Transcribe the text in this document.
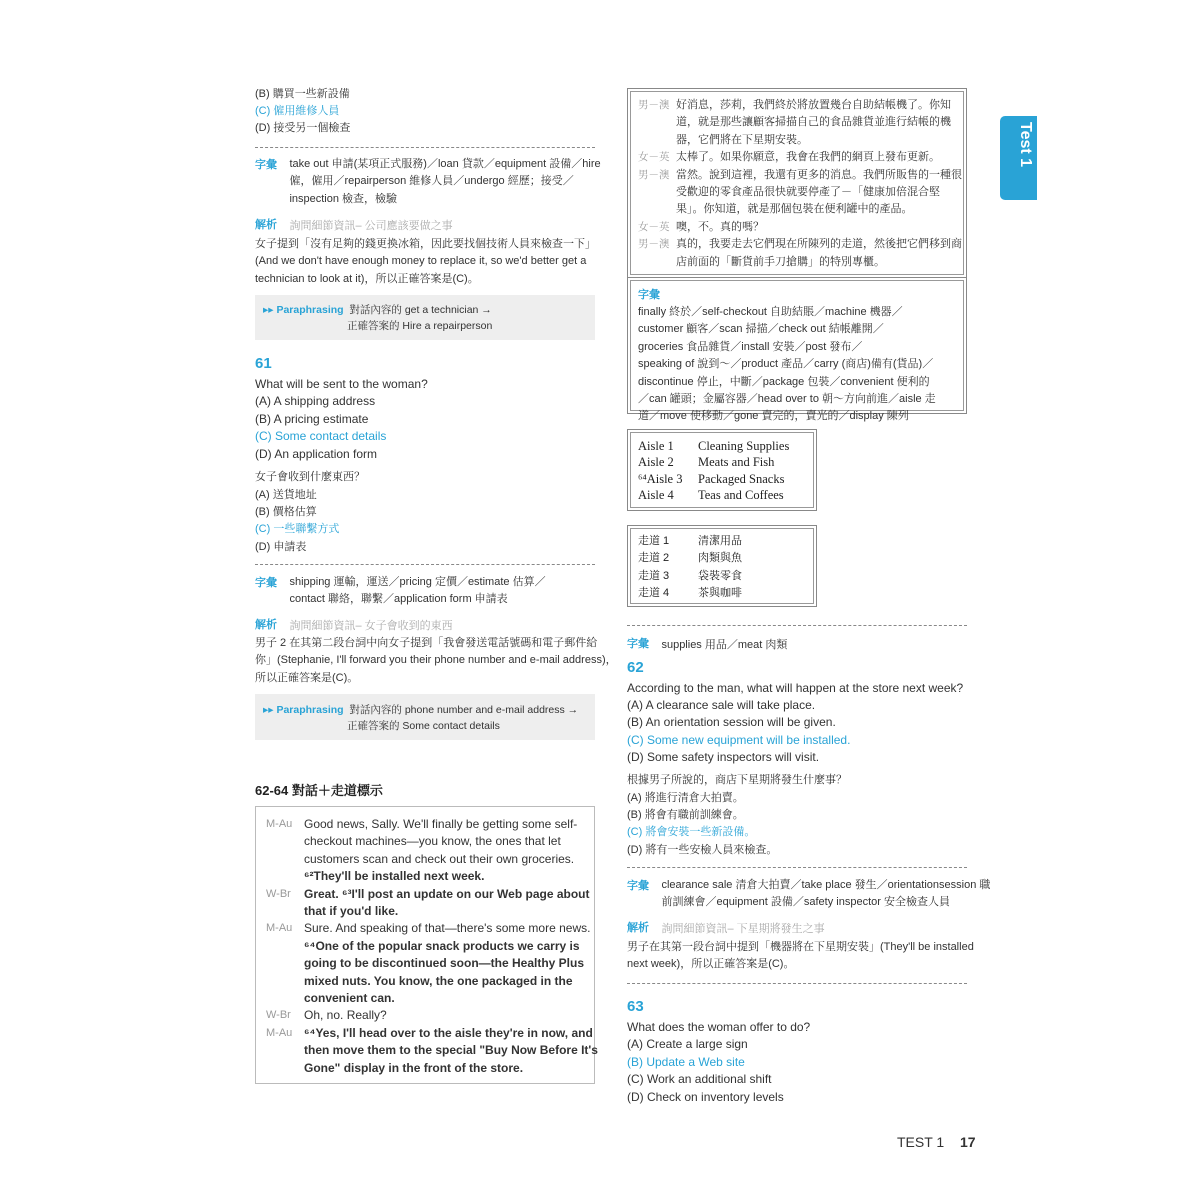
(B) 購買一些新設備
(C) 僱用維修人員
(D) 接受另一個檢查
字彙 take out 申請(某項正式服務)／loan 貸款／equipment 設備／hire
僱，僱用／repairperson 維修人員／undergo 經歷；接受／
inspection 檢查，檢驗
解析 詢問細節資訊– 公司應該要做之事
女子提到「沒有足夠的錢更換冰箱，因此要找個技術人員來檢查一下」
(And we don't have enough money to replace it, so we'd better get a
technician to look at it)，所以正確答案是(C)。
▸▸ Paraphrasing 對話內容的 get a technician →
正確答案的 Hire a repairperson
61
What will be sent to the woman?
(A) A shipping address
(B) A pricing estimate
(C) Some contact details
(D) An application form
女子會收到什麼東西？
(A) 送貨地址
(B) 價格估算
(C) 一些聯繫方式
(D) 申請表
字彙 shipping 運輸，運送／pricing 定價／estimate 估算／
contact 聯絡，聯繫／application form 申請表
解析 詢問細節資訊– 女子會收到的東西
男子 2 在其第二段台詞中向女子提到「我會發送電話號碼和電子郵件給
你」(Stephanie, I'll forward you their phone number and e-mail address)，
所以正確答案是(C)。
▸▸ Paraphrasing 對話內容的 phone number and e-mail address →
正確答案的 Some contact details
62-64 對話＋走道標示
M-Au Good news, Sally. We'll finally be getting some self-
checkout machines—you know, the ones that let
customers scan and check out their own groceries.
⁶²They'll be installed next week.
W-Br	Great. ⁶³I'll post an update on our Web page about
that if you'd like.
M-Au Sure. And speaking of that—there's some more news.
⁶⁴One of the popular snack products we carry is
going to be discontinued soon—the Healthy Plus
mixed nuts. You know, the one packaged in the
convenient can.
W-Br	Oh, no. Really?
M-Au ⁶⁴Yes, I'll head over to the aisle they're in now, and
then move them to the special "Buy Now Before It's
Gone" display in the front of the store.
男－澳 好消息，莎莉，我們終於將放置幾台自助結帳機了。你知
道，就是那些讓顧客掃描自己的食品雜貨並進行結帳的機
器，它們將在下星期安裝。
女－英 太棒了。如果你願意，我會在我們的網頁上發布更新。
男－澳 當然。說到這裡，我還有更多的消息。我們所販售的一種很
受歡迎的零食產品很快就要停產了－「健康加倍混合堅
果」。你知道，就是那個包裝在便利罐中的產品。
女－英 噢，不。真的嗎？
男－澳 真的，我要走去它們現在所陳列的走道，然後把它們移到商
店前面的「斷貨前手刀搶購」的特別專櫃。
字彙
finally 終於／self-checkout 自助結賬／machine 機器／
customer 顧客／scan 掃描／check out 結帳離開／
groceries 食品雜貨／install 安裝／post 發布／
speaking of 說到～／product 產品／carry (商店)備有(貨品)／
discontinue 停止，中斷／package 包裝／convenient 便利的
／can 罐頭；金屬容器／head over to 朝～方向前進／aisle 走
道／move 使移動／gone 賣完的，賣光的／display 陳列
Aisle 1	Cleaning Supplies
Aisle 2	Meats and Fish
⁶⁴Aisle 3	Packaged Snacks
Aisle 4	Teas and Coffees
走道 1	清潔用品
走道 2	肉類與魚
走道 3	袋裝零食
走道 4	茶與咖啡
字彙 supplies 用品／meat 肉類
62
According to the man, what will happen at the store next week?
(A) A clearance sale will take place.
(B) An orientation session will be given.
(C) Some new equipment will be installed.
(D) Some safety inspectors will visit.
根據男子所說的，商店下星期將發生什麼事？
(A) 將進行清倉大拍賣。
(B) 將會有職前訓練會。
(C) 將會安裝一些新設備。
(D) 將有一些安檢人員來檢查。
字彙 clearance sale 清倉大拍賣／take place 發生／orientationsession 職
前訓練會／equipment 設備／safety inspector 安全檢查人員
解析 詢問細節資訊– 下星期將發生之事
男子在其第一段台詞中提到「機器將在下星期安裝」(They'll be installed
next week)，所以正確答案是(C)。
63
What does the woman offer to do?
(A) Create a large sign
(B) Update a Web site
(C) Work an additional shift
(D) Check on inventory levels
Test 1
TEST 1 17
